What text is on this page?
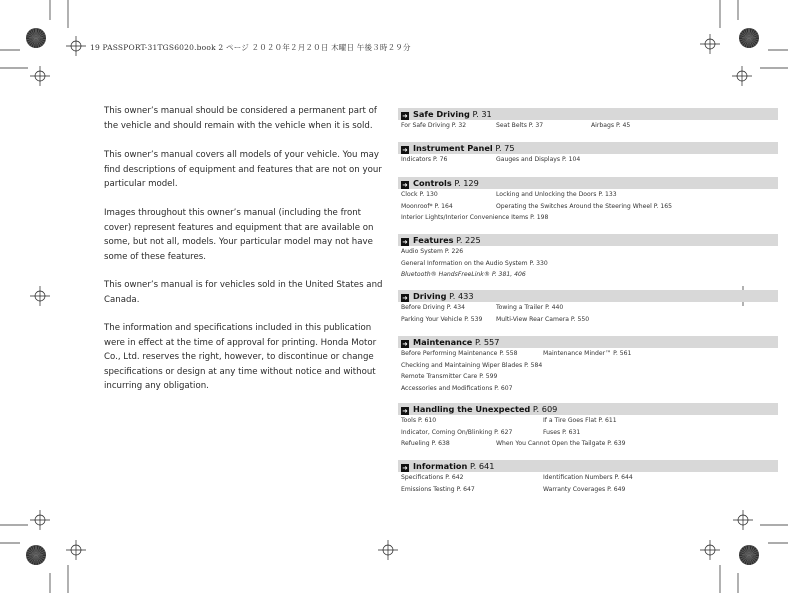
19 PASSPORT-31TGS6020.book 2 ページ ２０２０年２月２０日 木曜日 午後３時２９分

This owner’s manual should be considered a permanent part of the vehicle and should remain with the vehicle when it is sold.

This owner’s manual covers all models of your vehicle. You may find descriptions of equipment and features that are not on your particular model.

Images throughout this owner’s manual (including the front cover) represent features and equipment that are available on some, but not all, models. Your particular model may not have some of these features.

This owner’s manual is for vehicles sold in the United States and Canada.

The information and specifications included in this publication were in effect at the time of approval for printing. Honda Motor Co., Ltd. reserves the right, however, to discontinue or change specifications or design at any time without notice and without incurring any obligation.

➜ Safe Driving P. 31
For Safe Driving P. 32	Seat Belts P. 37	Airbags P. 45
➜ Instrument Panel P. 75
Indicators P. 76	Gauges and Displays P. 104
➜ Controls P. 129
Clock P. 130	Locking and Unlocking the Doors P. 133
Moonroof* P. 164	Operating the Switches Around the Steering Wheel P. 165
Interior Lights/Interior Convenience Items P. 198
➜ Features P. 225
Audio System P. 226
General Information on the Audio System P. 330
Bluetooth® HandsFreeLink® P. 381, 406
➜ Driving P. 433
Before Driving P. 434	Towing a Trailer P. 440
Parking Your Vehicle P. 539 Multi-View Rear Camera P. 550
➜ Maintenance P. 557
Before Performing Maintenance P. 558	Maintenance Minder™ P. 561
Checking and Maintaining Wiper Blades P. 584
Remote Transmitter Care P. 599
Accessories and Modifications P. 607
➜ Handling the Unexpected P. 609
Tools P. 610	If a Tire Goes Flat P. 611
Indicator, Coming On/Blinking P. 627	Fuses P. 631
Refueling P. 638	When You Cannot Open the Tailgate P. 639
➜ Information P. 641
Specifications P. 642	Identification Numbers P. 644
Emissions Testing P. 647	Warranty Coverages P. 649
